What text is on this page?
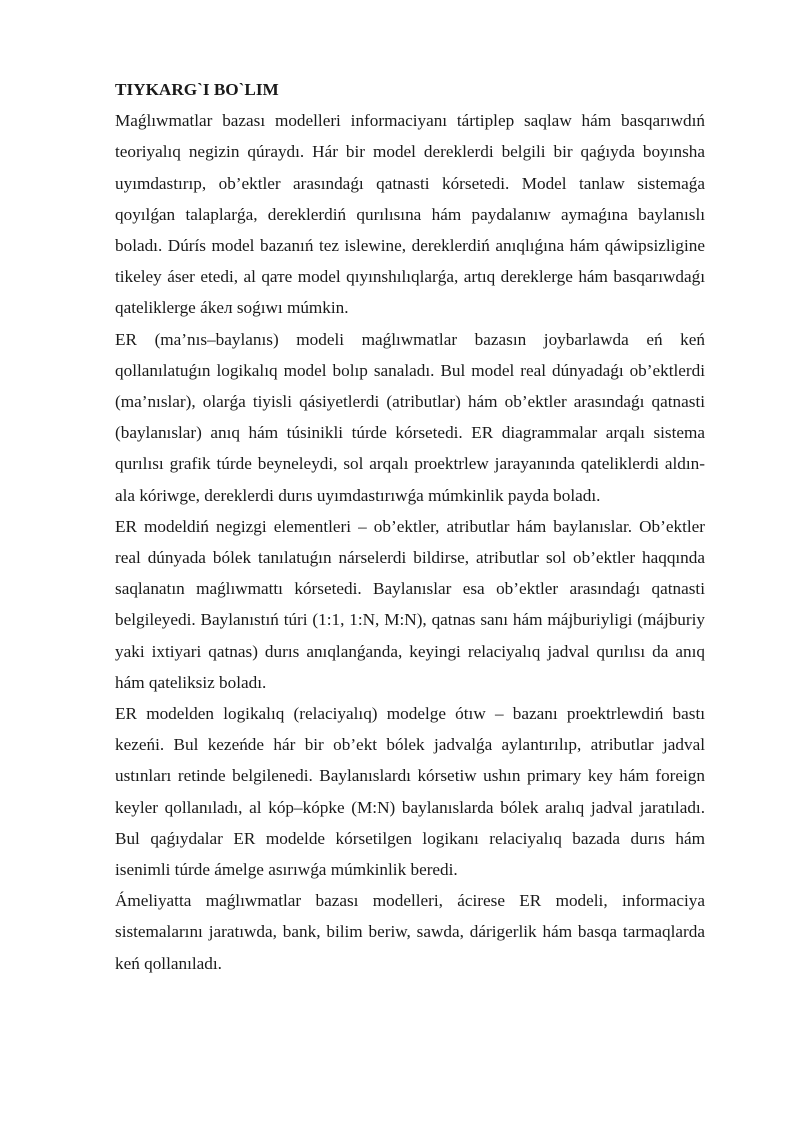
TIYKARG`I BO`LIM

Maǵlıwmatlar bazası modelleri informaciyanı tártiplep saqlaw hám basqarıwdıń teoriyalıq negizin qúraydı. Hár bir model dereklerdi belgili bir qaǵıyda boyınsha uyımdastırıp, ob’ektler arasındaǵı qatnasti kórsetedi. Model tanlaw sistemaǵa qoyılǵan talaplarǵa, dereklerdiń qurılısına hám paydalanıw aymaǵına baylanıslı boladı. Dúrís model bazanıń tez islewine, dereklerdiń anıqlıǵına hám qáwipsizligine tikeley áser etedi, al qате model qıyınshılıqlarǵa, artıq dereklerge hám basqarıwdaǵı qateliklerge ákeл soǵıwı múmkin.

ER (ma’nıs–baylanıs) modeli maǵlıwmatlar bazasın joybarlawda eń keń qollanılatuǵın logikalıq model bolıp sanaladı. Bul model real dúnyadaǵı ob’ektlerdi (ma’nıslar), olarǵa tiyisli qásiyetlerdi (atributlar) hám ob’ektler arasındaǵı qatnasti (baylanıslar) anıq hám túsinikli túrde kórsetedi. ER diagrammalar arqalı sistema qurılısı grafik túrde beyneleydi, sol arqalı proektrlew jarayanında qateliklerdi aldın-ala kóriwge, dereklerdi durıs uyımdastırıwǵa múmkinlik payda boladı.

ER modeldiń negizgi elementleri – ob’ektler, atributlar hám baylanıslar. Ob’ektler real dúnyada bólek tanılatuǵın nárselerdi bildirse, atributlar sol ob’ektler haqqında saqlanatın maǵlıwmattı kórsetedi. Baylanıslar esa ob’ektler arasındaǵı qatnasti belgileyedi. Baylanıstıń túri (1:1, 1:N, M:N), qatnas sanı hám májburiyligi (májburiy yaki ixtiyari qatnas) durıs anıqlanǵanda, keyingi relaciyalıq jadval qurılısı da anıq hám qateliksiz boladı.

ER modelden logikalıq (relaciyalıq) modelge ótıw – bazanı proektrlewdiń bastı kezeńi. Bul kezeńde hár bir ob’ekt bólek jadvalǵa aylantırılıp, atributlar jadval ustınları retinde belgilenedi. Baylanıslardı kórsetiw ushın primary key hám foreign keyler qollanıladı, al kóp–kópke (M:N) baylanıslarda bólek aralıq jadval jaratıladı. Bul qaǵıydalar ER modelde kórsetilgen logikanı relaciyalıq bazada durıs hám isenimli túrde ámelge asırıwǵa múmkinlik beredi.

Ámeliyatta maǵlıwmatlar bazası modelleri, ácirese ER modeli, informaciya sistemalarını jaratıwda, bank, bilim beriw, sawda, dárigerlik hám basqa tarmaqlarda keń qollanıladı.
